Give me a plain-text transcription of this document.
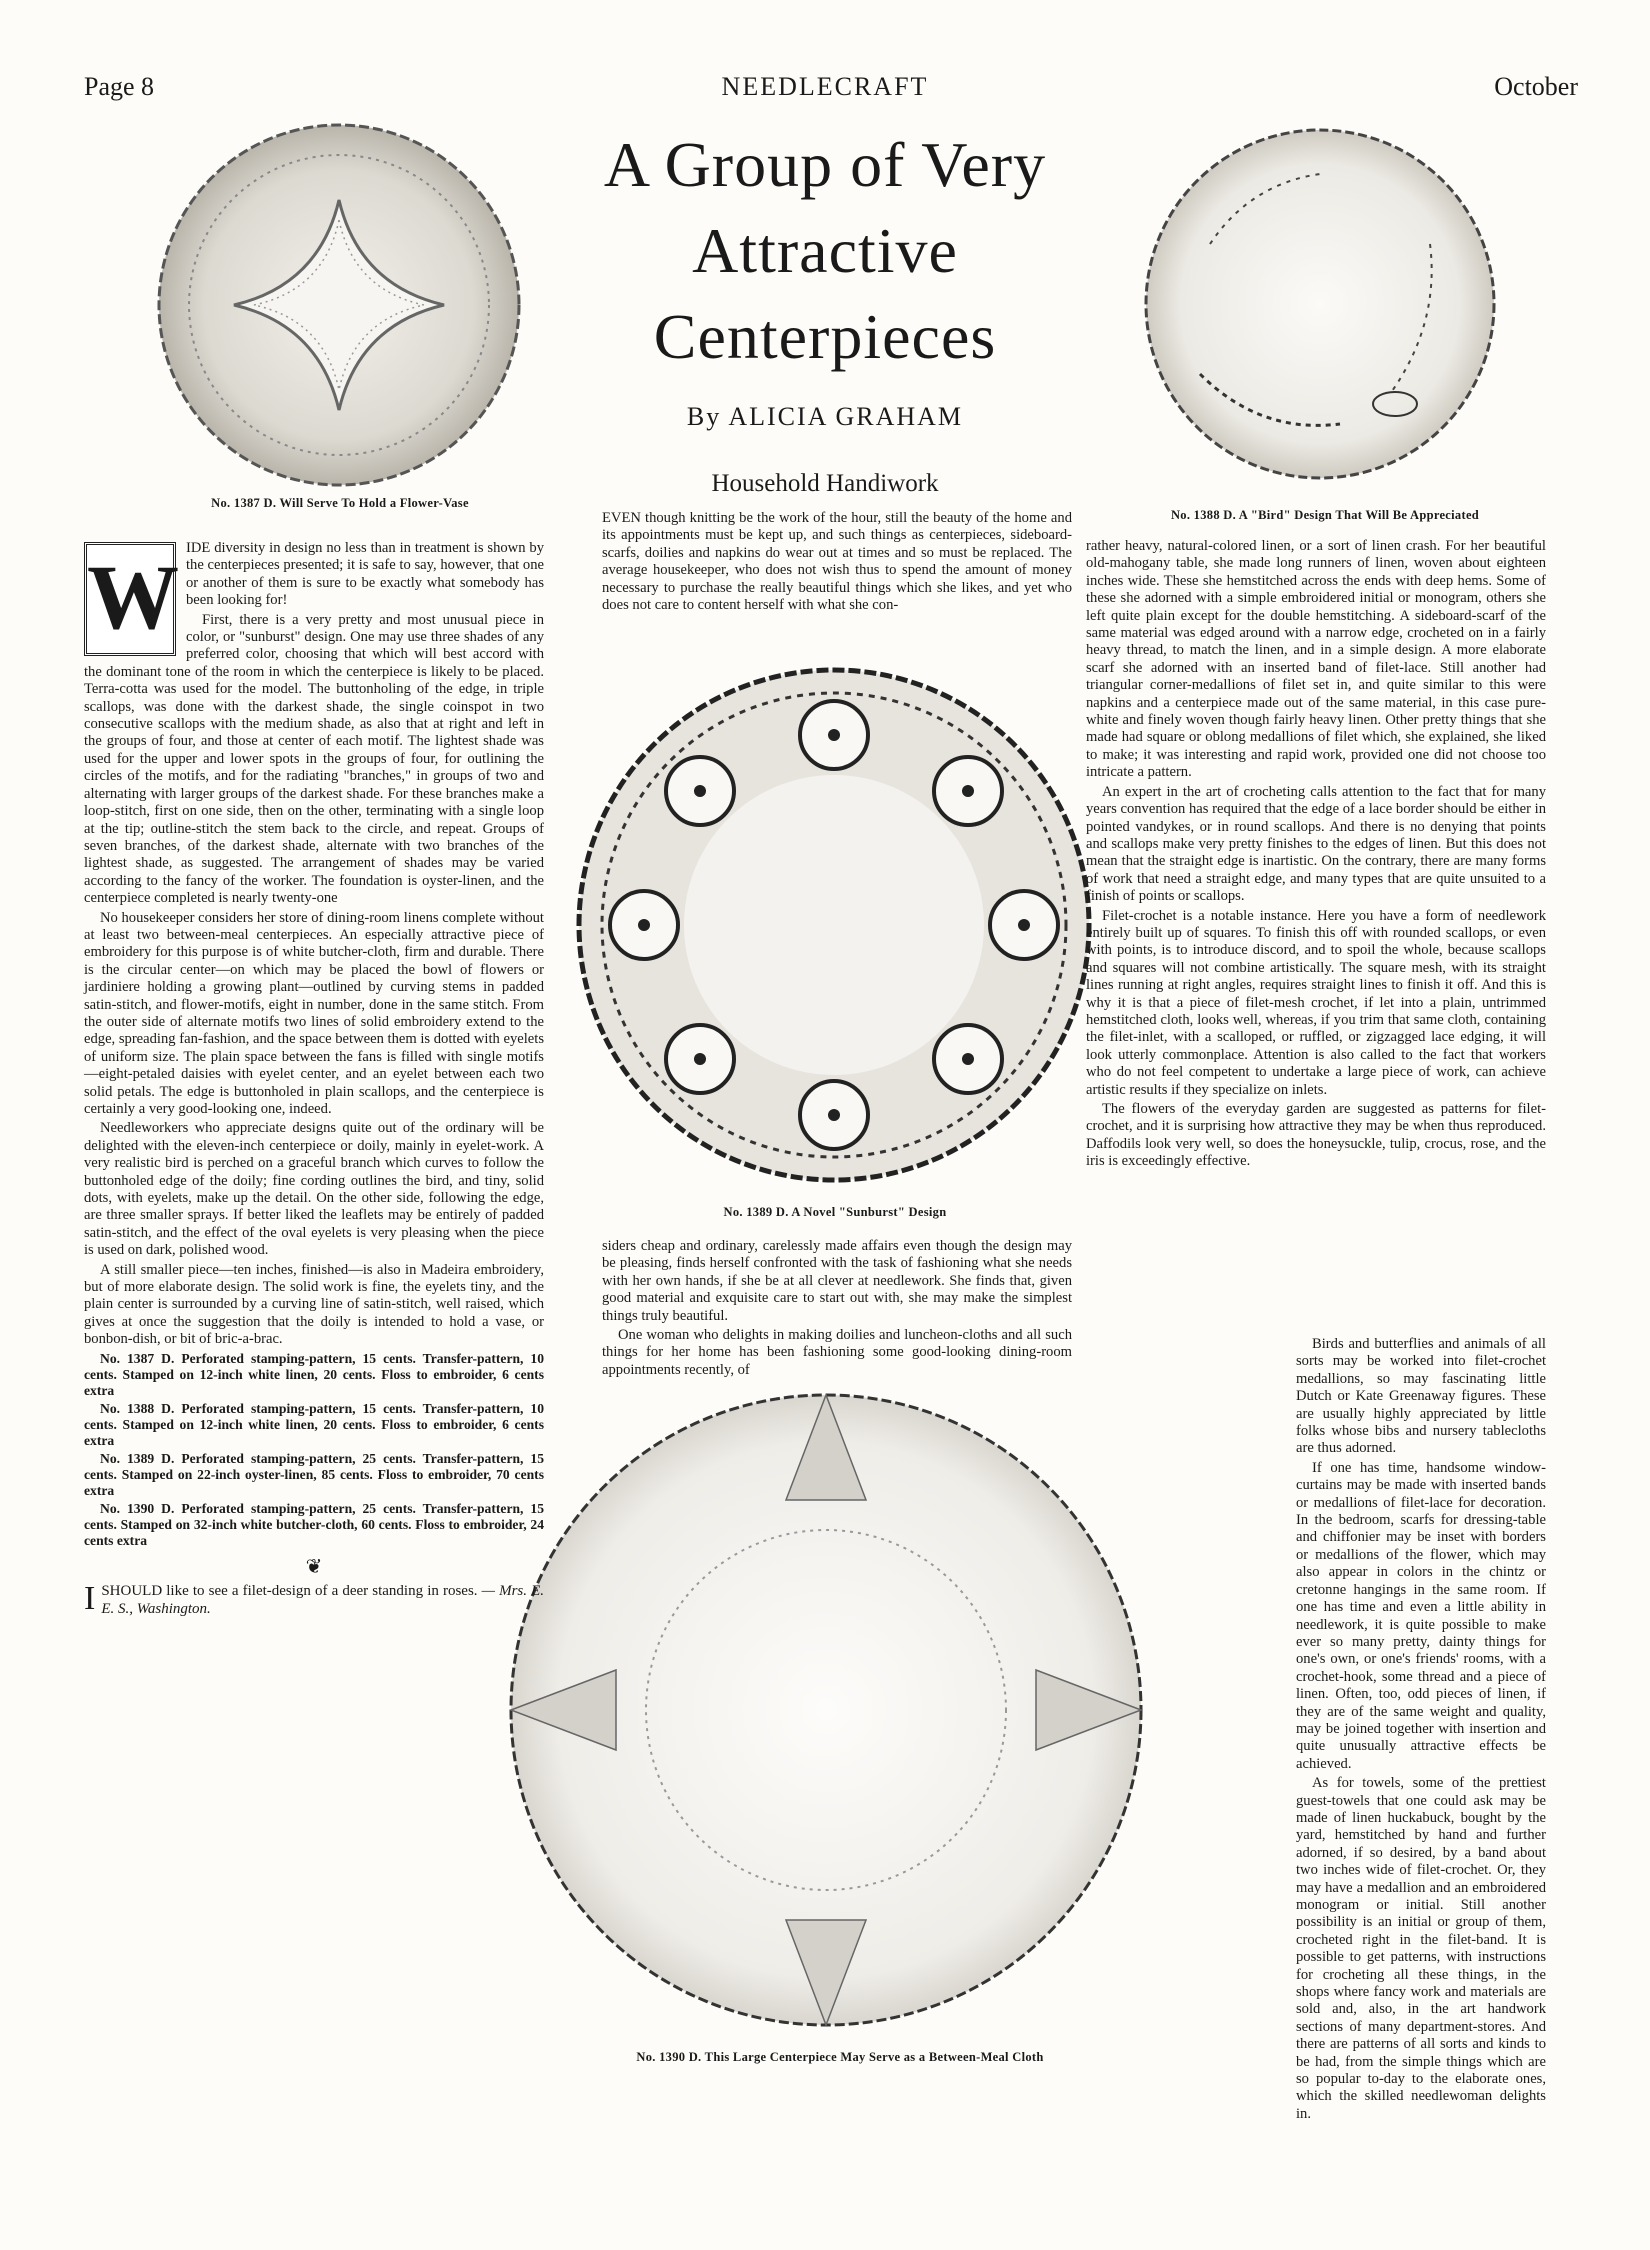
Page 8	NEEDLECRAFT	October
A Group of Very
Attractive
Centerpieces
By ALICIA GRAHAM
Household Handiwork
No. 1387 D. Will Serve To Hold a Flower-Vase
No. 1388 D. A "Bird" Design That Will Be Appreciated
No. 1389 D. A Novel "Sunburst" Design
No. 1390 D. This Large Centerpiece May Serve as a Between-Meal Cloth
W IDE diversity in design no less than in treatment is shown by the centerpieces presented; it is safe to say, however, that one or another of them is sure to be exactly what somebody has been looking for!

First, there is a very pretty and most unusual piece in color, or "sunburst" design. One may use three shades of any preferred color, choosing that which will best accord with the dominant tone of the room in which the centerpiece is likely to be placed. Terra-cotta was used for the model. The buttonholing of the edge, in triple scallops, was done with the darkest shade, the single coinspot in two consecutive scallops with the medium shade, as also that at right and left in the groups of four, and those at center of each motif. The lightest shade was used for the upper and lower spots in the groups of four, for outlining the circles of the motifs, and for the radiating "branches," in groups of two and alternating with larger groups of the darkest shade. For these branches make a loop-stitch, first on one side, then on the other, terminating with a single loop at the tip; outline-stitch the stem back to the circle, and repeat. Groups of seven branches, of the darkest shade, alternate with two branches of the lightest shade, as suggested. The arrangement of shades may be varied according to the fancy of the worker. The foundation is oyster-linen, and the centerpiece completed is nearly twenty-one

No housekeeper considers her store of dining-room linens complete without at least two between-meal centerpieces. An especially attractive piece of embroidery for this purpose is of white butcher-cloth, firm and durable. There is the circular center—on which may be placed the bowl of flowers or jardiniere holding a growing plant—outlined by curving stems in padded satin-stitch, and flower-motifs, eight in number, done in the same stitch. From the outer side of alternate motifs two lines of solid embroidery extend to the edge, spreading fan-fashion, and the space between them is dotted with eyelets of uniform size. The plain space between the fans is filled with single motifs—eight-petaled daisies with eyelet center, and an eyelet between each two solid petals. The edge is buttonholed in plain scallops, and the centerpiece is certainly a very good-looking one, indeed.

Needleworkers who appreciate designs quite out of the ordinary will be delighted with the eleven-inch centerpiece or doily, mainly in eyelet-work. A very realistic bird is perched on a graceful branch which curves to follow the buttonholed edge of the doily; fine cording outlines the bird, and tiny, solid dots, with eyelets, make up the detail. On the other side, following the edge, are three smaller sprays. If better liked the leaflets may be entirely of padded satin-stitch, and the effect of the oval eyelets is very pleasing when the piece is used on dark, polished wood.

A still smaller piece—ten inches, finished—is also in Madeira embroidery, but of more elaborate design. The solid work is fine, the eyelets tiny, and the plain center is surrounded by a curving line of satin-stitch, well raised, which gives at once the suggestion that the doily is intended to hold a vase, or bonbon-dish, or bit of bric-a-brac.

No. 1387 D. Perforated stamping-pattern, 15 cents. Transfer-pattern, 10 cents. Stamped on 12-inch white linen, 20 cents. Floss to embroider, 6 cents extra

No. 1388 D. Perforated stamping-pattern, 15 cents. Transfer-pattern, 10 cents. Stamped on 12-inch white linen, 20 cents. Floss to embroider, 6 cents extra

No. 1389 D. Perforated stamping-pattern, 25 cents. Transfer-pattern, 15 cents. Stamped on 22-inch oyster-linen, 85 cents. Floss to embroider, 70 cents extra

No. 1390 D. Perforated stamping-pattern, 25 cents. Transfer-pattern, 15 cents. Stamped on 32-inch white butcher-cloth, 60 cents. Floss to embroider, 24 cents extra

❦
I SHOULD like to see a filet-design of a deer standing in roses. — Mrs. E. E. S., Washington.

EVEN though knitting be the work of the hour, still the beauty of the home and its appointments must be kept up, and such things as centerpieces, sideboard-scarfs, doilies and napkins do wear out at times and so must be replaced. The average housekeeper, who does not wish thus to spend the amount of money necessary to purchase the really beautiful things which she likes, and yet who does not care to content herself with what she con-

siders cheap and ordinary, carelessly made affairs even though the design may be pleasing, finds herself confronted with the task of fashioning what she needs with her own hands, if she be at all clever at needlework. She finds that, given good material and exquisite care to start out with, she may make the simplest things truly beautiful.

One woman who delights in making doilies and luncheon-cloths and all such things for her home has been fashioning some good-looking dining-room appointments recently, of

rather heavy, natural-colored linen, or a sort of linen crash. For her beautiful old-mahogany table, she made long runners of linen, woven about eighteen inches wide. These she hemstitched across the ends with deep hems. Some of these she adorned with a simple embroidered initial or monogram, others she left quite plain except for the double hemstitching. A sideboard-scarf of the same material was edged around with a narrow edge, crocheted on in a fairly heavy thread, to match the linen, and in a simple design. A more elaborate scarf she adorned with an inserted band of filet-lace. Still another had triangular corner-medallions of filet set in, and quite similar to this were napkins and a centerpiece made out of the same material, in this case pure-white and finely woven though fairly heavy linen. Other pretty things that she made had square or oblong medallions of filet which, she explained, she liked to make; it was interesting and rapid work, provided one did not choose too intricate a pattern.

An expert in the art of crocheting calls attention to the fact that for many years convention has required that the edge of a lace border should be either in pointed vandykes, or in round scallops. And there is no denying that points and scallops make very pretty finishes to the edges of linen. But this does not mean that the straight edge is inartistic. On the contrary, there are many forms of work that need a straight edge, and many types that are quite unsuited to a finish of points or scallops.

Filet-crochet is a notable instance. Here you have a form of needlework entirely built up of squares. To finish this off with rounded scallops, or even with points, is to introduce discord, and to spoil the whole, because scallops and squares will not combine artistically. The square mesh, with its straight lines running at right angles, requires straight lines to finish it off. And this is why it is that a piece of filet-mesh crochet, if let into a plain, untrimmed hemstitched cloth, looks well, whereas, if you trim that same cloth, containing the filet-inlet, with a scalloped, or ruffled, or zigzagged lace edging, it will look utterly commonplace. Attention is also called to the fact that workers who do not feel competent to undertake a large piece of work, can achieve artistic results if they specialize on inlets.

The flowers of the everyday garden are suggested as patterns for filet-crochet, and it is surprising how attractive they may be when thus reproduced. Daffodils look very well, so does the honeysuckle, tulip, crocus, rose, and the iris is exceedingly effective.

Birds and butterflies and animals of all sorts may be worked into filet-crochet medallions, so may fascinating little Dutch or Kate Greenaway figures. These are usually highly appreciated by little folks whose bibs and nursery tablecloths are thus adorned.

If one has time, handsome window-curtains may be made with inserted bands or medallions of filet-lace for decoration. In the bedroom, scarfs for dressing-table and chiffonier may be inset with borders or medallions of the flower, which may also appear in colors in the chintz or cretonne hangings in the same room. If one has time and even a little ability in needlework, it is quite possible to make ever so many pretty, dainty things for one's own, or one's friends' rooms, with a crochet-hook, some thread and a piece of linen. Often, too, odd pieces of linen, if they are of the same weight and quality, may be joined together with insertion and quite unusually attractive effects be achieved.

As for towels, some of the prettiest guest-towels that one could ask may be made of linen huckabuck, bought by the yard, hemstitched by hand and further adorned, if so desired, by a band about two inches wide of filet-crochet. Or, they may have a medallion and an embroidered monogram or initial. Still another possibility is an initial or group of them, crocheted right in the filet-band. It is possible to get patterns, with instructions for crocheting all these things, in the shops where fancy work and materials are sold and, also, in the art handwork sections of many department-stores. And there are patterns of all sorts and kinds to be had, from the simple things which are so popular to-day to the elaborate ones, which the skilled needlewoman delights in.
